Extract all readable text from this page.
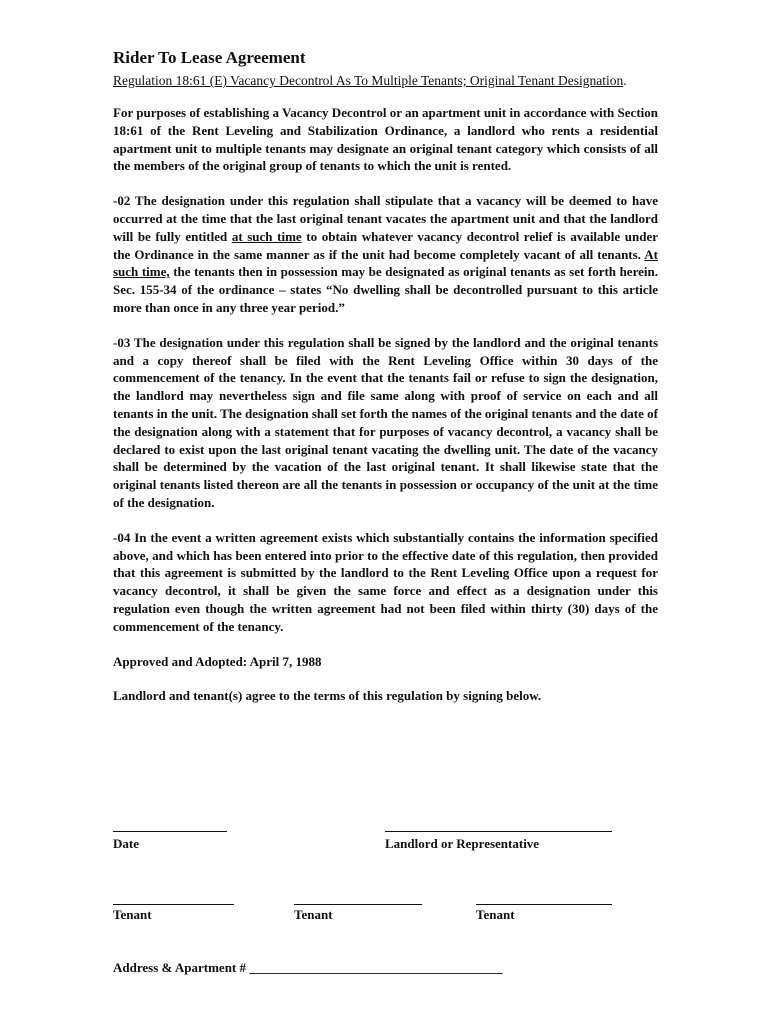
Rider To Lease Agreement

Regulation 18:61 (E) Vacancy Decontrol As To Multiple Tenants; Original Tenant Designation.

For purposes of establishing a Vacancy Decontrol or an apartment unit in accordance with Section 18:61 of the Rent Leveling and Stabilization Ordinance, a landlord who rents a residential apartment unit to multiple tenants may designate an original tenant category which consists of all the members of the original group of tenants to which the unit is rented.

-02 The designation under this regulation shall stipulate that a vacancy will be deemed to have occurred at the time that the last original tenant vacates the apartment unit and that the landlord will be fully entitled at such time to obtain whatever vacancy decontrol relief is available under the Ordinance in the same manner as if the unit had become completely vacant of all tenants. At such time, the tenants then in possession may be designated as original tenants as set forth herein. Sec. 155-34 of the ordinance – states “No dwelling shall be decontrolled pursuant to this article more than once in any three year period.”

-03 The designation under this regulation shall be signed by the landlord and the original tenants and a copy thereof shall be filed with the Rent Leveling Office within 30 days of the commencement of the tenancy. In the event that the tenants fail or refuse to sign the designation, the landlord may nevertheless sign and file same along with proof of service on each and all tenants in the unit. The designation shall set forth the names of the original tenants and the date of the designation along with a statement that for purposes of vacancy decontrol, a vacancy shall be declared to exist upon the last original tenant vacating the dwelling unit. The date of the vacancy shall be determined by the vacation of the last original tenant. It shall likewise state that the original tenants listed thereon are all the tenants in possession or occupancy of the unit at the time of the designation.

-04 In the event a written agreement exists which substantially contains the information specified above, and which has been entered into prior to the effective date of this regulation, then provided that this agreement is submitted by the landlord to the Rent Leveling Office upon a request for vacancy decontrol, it shall be given the same force and effect as a designation under this regulation even though the written agreement had not been filed within thirty (30) days of the commencement of the tenancy.

Approved and Adopted: April 7, 1988

Landlord and tenant(s) agree to the terms of this regulation by signing below.

Date	Landlord or Representative
Tenant	Tenant	Tenant
Address & Apartment # _______________________________________
